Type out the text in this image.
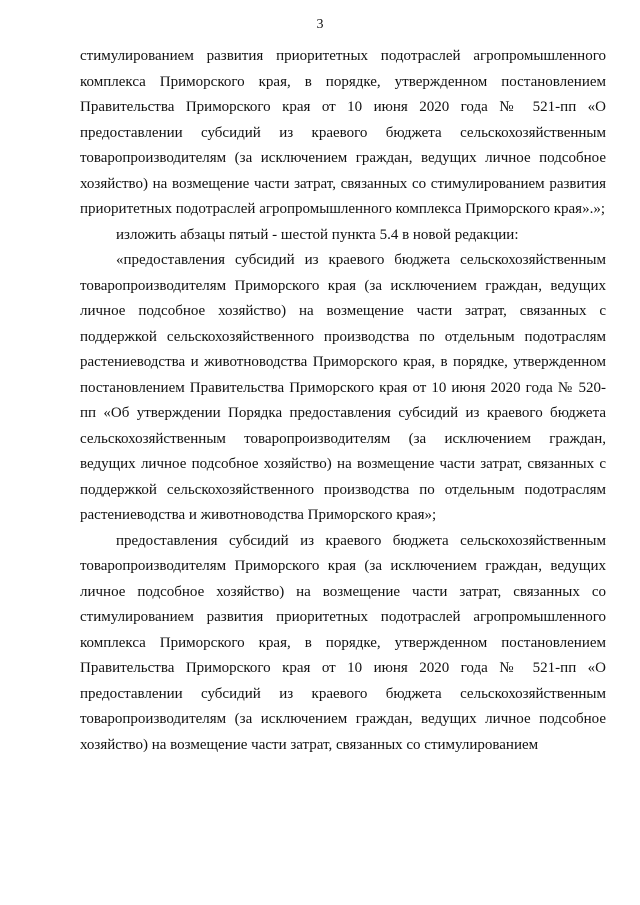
3

стимулированием развития приоритетных подотраслей агропромышленного комплекса Приморского края, в порядке, утвержденном постановлением Правительства Приморского края от 10 июня 2020 года № 521-пп «О предоставлении субсидий из краевого бюджета сельскохозяйственным товаропроизводителям (за исключением граждан, ведущих личное подсобное хозяйство) на возмещение части затрат, связанных со стимулированием развития приоритетных подотраслей агропромышленного комплекса Приморского края».»;

изложить абзацы пятый - шестой пункта 5.4 в новой редакции:

«предоставления субсидий из краевого бюджета сельскохозяйственным товаропроизводителям Приморского края (за исключением граждан, ведущих личное подсобное хозяйство) на возмещение части затрат, связанных с поддержкой сельскохозяйственного производства по отдельным подотраслям растениеводства и животноводства Приморского края, в порядке, утвержденном постановлением Правительства Приморского края от 10 июня 2020 года № 520-пп «Об утверждении Порядка предоставления субсидий из краевого бюджета сельскохозяйственным товаропроизводителям (за исключением граждан, ведущих личное подсобное хозяйство) на возмещение части затрат, связанных с поддержкой сельскохозяйственного производства по отдельным подотраслям растениеводства и животноводства Приморского края»;

предоставления субсидий из краевого бюджета сельскохозяйственным товаропроизводителям Приморского края (за исключением граждан, ведущих личное подсобное хозяйство) на возмещение части затрат, связанных со стимулированием развития приоритетных подотраслей агропромышленного комплекса Приморского края, в порядке, утвержденном постановлением Правительства Приморского края от 10 июня 2020 года № 521-пп «О предоставлении субсидий из краевого бюджета сельскохозяйственным товаропроизводителям (за исключением граждан, ведущих личное подсобное хозяйство) на возмещение части затрат, связанных со стимулированием
